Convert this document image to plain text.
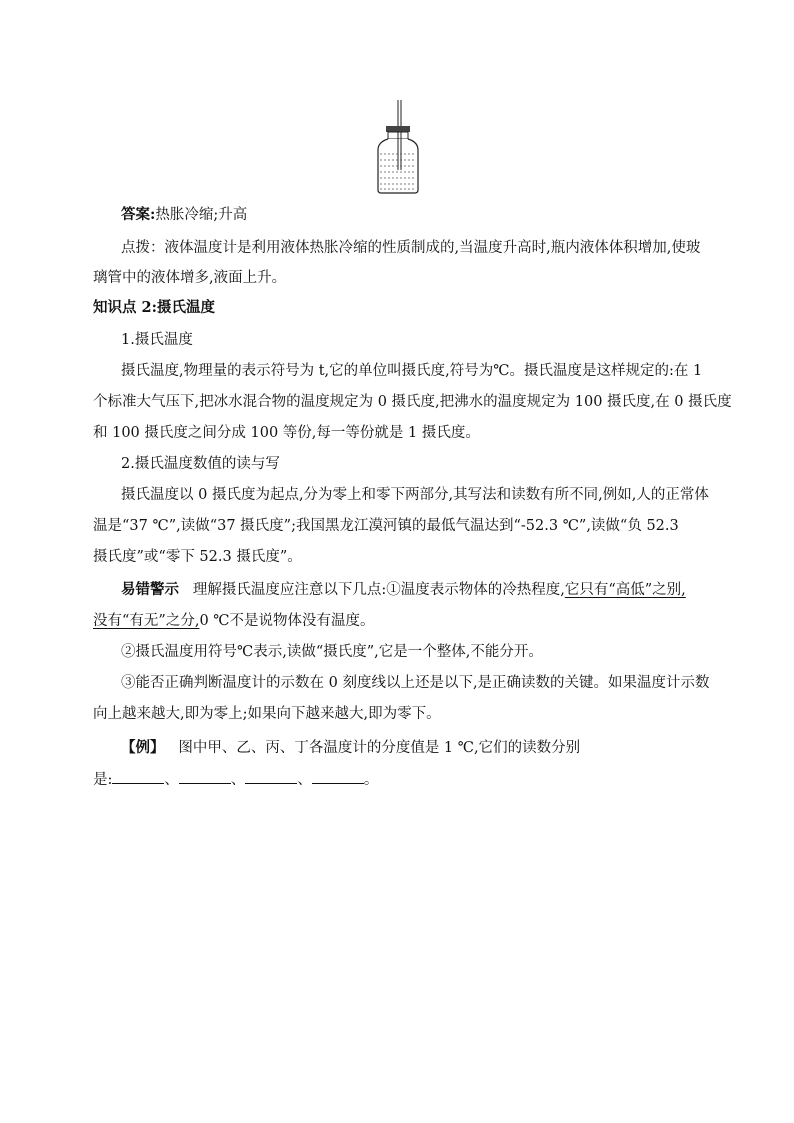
答案:热胀冷缩;升高
点拨：液体温度计是利用液体热胀冷缩的性质制成的,当温度升高时,瓶内液体体积增加,使玻
璃管中的液体增多,液面上升。
知识点 2:摄氏温度
1.摄氏温度
摄氏温度,物理量的表示符号为 t,它的单位叫摄氏度,符号为℃。摄氏温度是这样规定的:在 1
个标准大气压下,把冰水混合物的温度规定为 0 摄氏度,把沸水的温度规定为 100 摄氏度,在 0 摄氏度
和 100 摄氏度之间分成 100 等份,每一等份就是 1 摄氏度。
2.摄氏温度数值的读与写
摄氏温度以 0 摄氏度为起点,分为零上和零下两部分,其写法和读数有所不同,例如,人的正常体
温是“37 ℃”,读做“37 摄氏度”;我国黑龙江漠河镇的最低气温达到“-52.3 ℃”,读做“负 52.3
摄氏度”或“零下 52.3 摄氏度”。
易错警示 理解摄氏温度应注意以下几点:①温度表示物体的冷热程度,它只有“高低”之别,
没有“有无”之分,0 ℃不是说物体没有温度。
②摄氏温度用符号℃表示,读做“摄氏度”,它是一个整体,不能分开。
③能否正确判断温度计的示数在 0 刻度线以上还是以下,是正确读数的关键。如果温度计示数
向上越来越大,即为零上;如果向下越来越大,即为零下。
【例】 图中甲、乙、丙、丁各温度计的分度值是 1 ℃,它们的读数分别
是:	、	、	、	。
